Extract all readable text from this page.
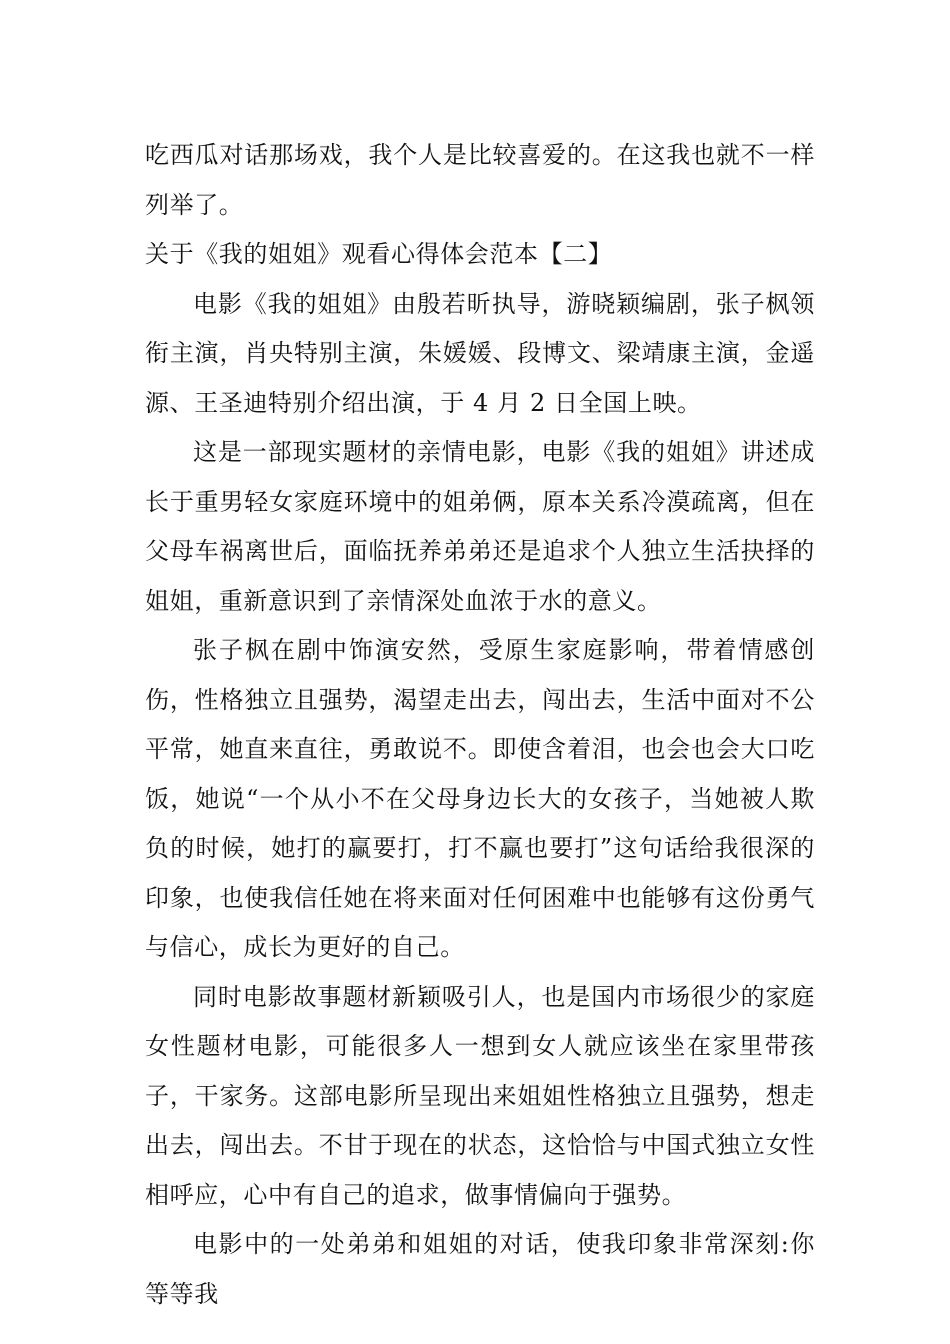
吃西瓜对话那场戏，我个人是比较喜爱的。在这我也就不一样列举了。

关于《我的姐姐》观看心得体会范本【二】

电影《我的姐姐》由殷若昕执导，游晓颖编剧，张子枫领衔主演，肖央特别主演，朱媛媛、段博文、梁靖康主演，金遥源、王圣迪特别介绍出演，于 4 月 2 日全国上映。

这是一部现实题材的亲情电影，电影《我的姐姐》讲述成长于重男轻女家庭环境中的姐弟俩，原本关系冷漠疏离，但在父母车祸离世后，面临抚养弟弟还是追求个人独立生活抉择的姐姐，重新意识到了亲情深处血浓于水的意义。

张子枫在剧中饰演安然，受原生家庭影响，带着情感创伤，性格独立且强势，渴望走出去，闯出去，生活中面对不公平常，她直来直往，勇敢说不。即使含着泪，也会也会大口吃饭，她说“一个从小不在父母身边长大的女孩子，当她被人欺负的时候，她打的赢要打，打不赢也要打”这句话给我很深的印象，也使我信任她在将来面对任何困难中也能够有这份勇气与信心，成长为更好的自己。

同时电影故事题材新颖吸引人，也是国内市场很少的家庭女性题材电影，可能很多人一想到女人就应该坐在家里带孩子，干家务。这部电影所呈现出来姐姐性格独立且强势，想走出去，闯出去。不甘于现在的状态，这恰恰与中国式独立女性相呼应，心中有自己的追求，做事情偏向于强势。

电影中的一处弟弟和姐姐的对话，使我印象非常深刻:你等等我
